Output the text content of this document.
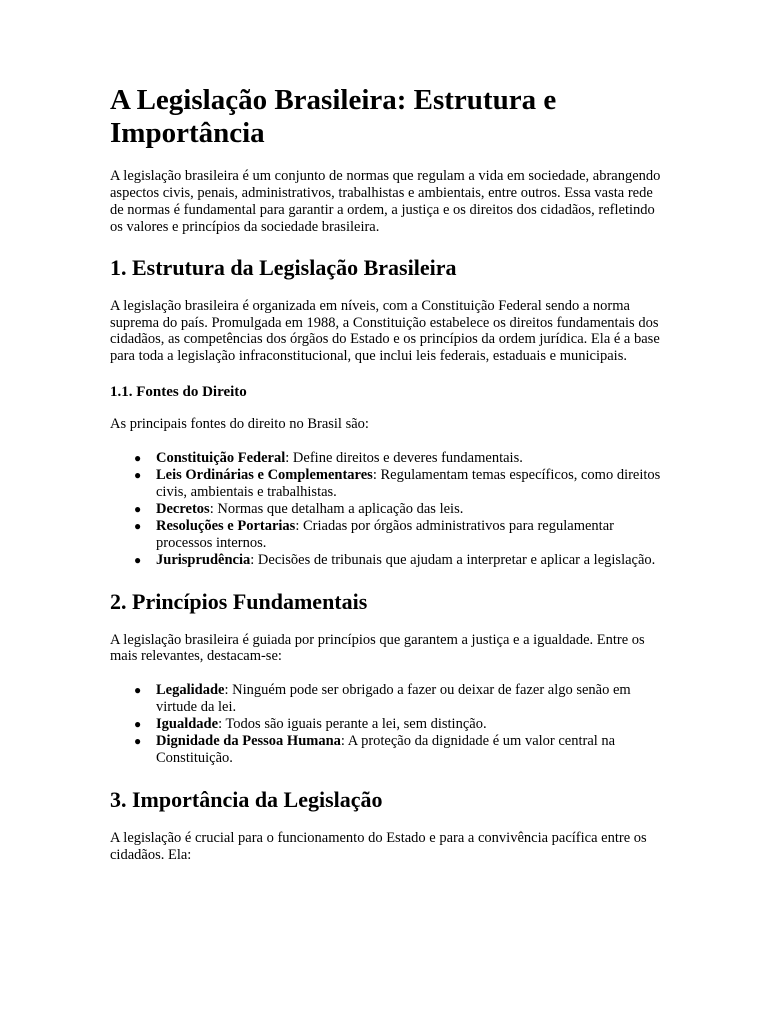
A Legislação Brasileira: Estrutura e Importância

A legislação brasileira é um conjunto de normas que regulam a vida em sociedade, abrangendo aspectos civis, penais, administrativos, trabalhistas e ambientais, entre outros. Essa vasta rede de normas é fundamental para garantir a ordem, a justiça e os direitos dos cidadãos, refletindo os valores e princípios da sociedade brasileira.

1. Estrutura da Legislação Brasileira

A legislação brasileira é organizada em níveis, com a Constituição Federal sendo a norma suprema do país. Promulgada em 1988, a Constituição estabelece os direitos fundamentais dos cidadãos, as competências dos órgãos do Estado e os princípios da ordem jurídica. Ela é a base para toda a legislação infraconstitucional, que inclui leis federais, estaduais e municipais.

1.1. Fontes do Direito

As principais fontes do direito no Brasil são:

● Constituição Federal: Define direitos e deveres fundamentais.
● Leis Ordinárias e Complementares: Regulamentam temas específicos, como direitos civis, ambientais e trabalhistas.
● Decretos: Normas que detalham a aplicação das leis.
● Resoluções e Portarias: Criadas por órgãos administrativos para regulamentar processos internos.
● Jurisprudência: Decisões de tribunais que ajudam a interpretar e aplicar a legislação.
2. Princípios Fundamentais

A legislação brasileira é guiada por princípios que garantem a justiça e a igualdade. Entre os mais relevantes, destacam-se:

● Legalidade: Ninguém pode ser obrigado a fazer ou deixar de fazer algo senão em virtude da lei.
● Igualdade: Todos são iguais perante a lei, sem distinção.
● Dignidade da Pessoa Humana: A proteção da dignidade é um valor central na Constituição.
3. Importância da Legislação

A legislação é crucial para o funcionamento do Estado e para a convivência pacífica entre os cidadãos. Ela:
